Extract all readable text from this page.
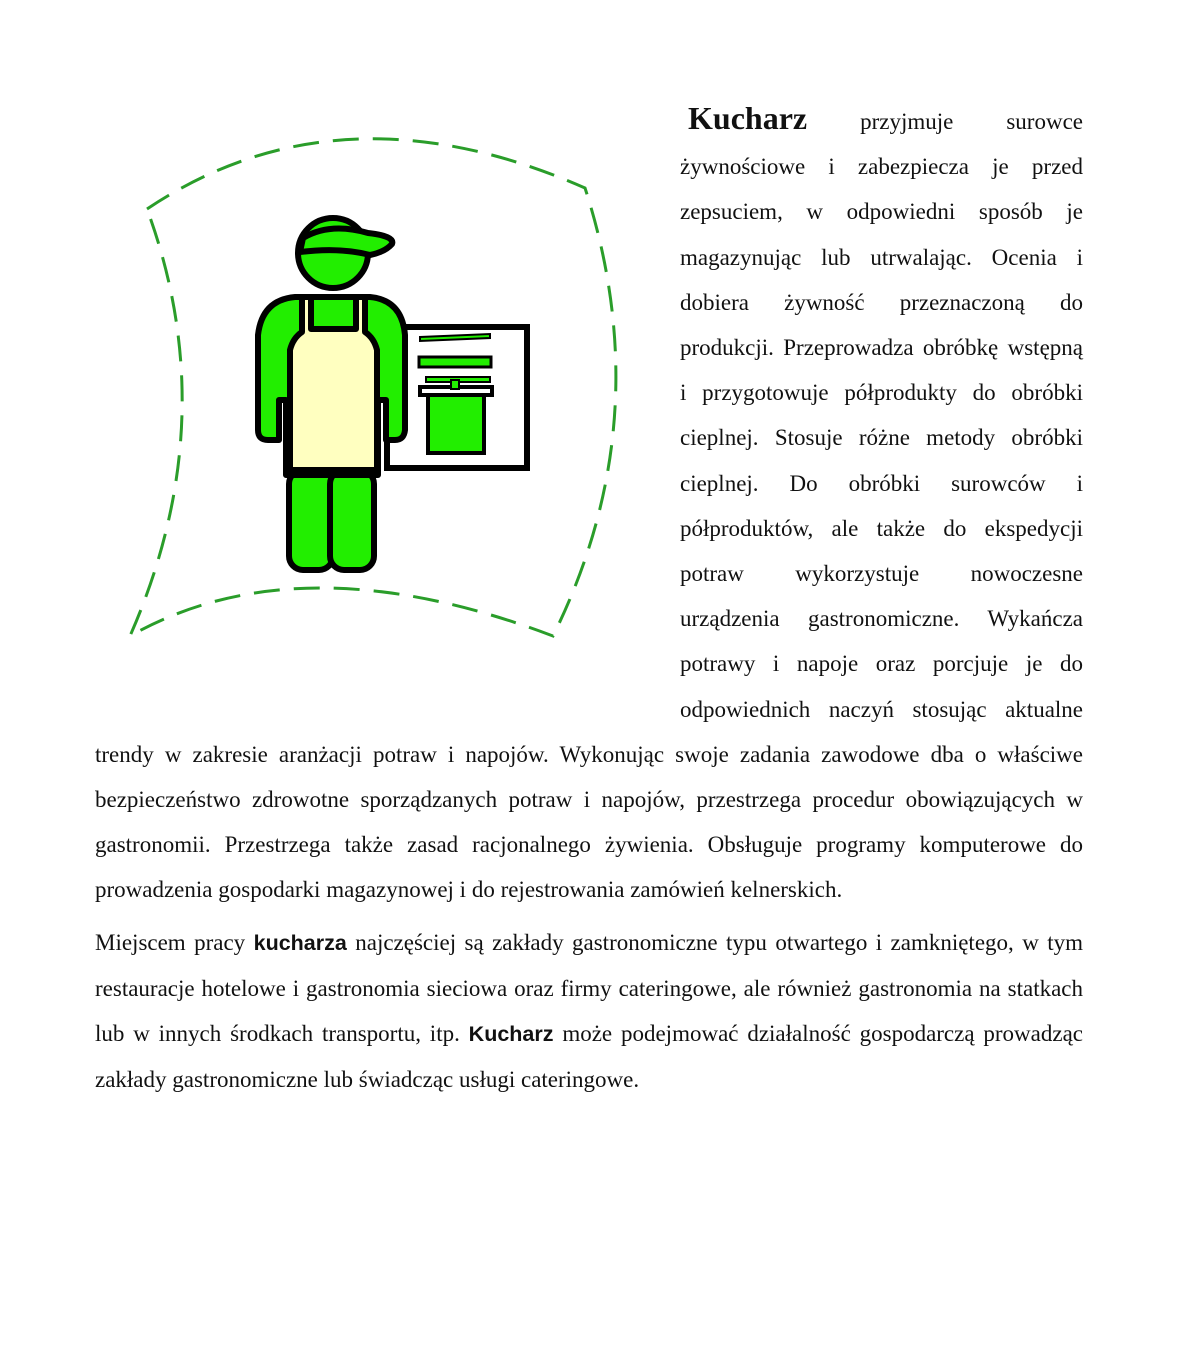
Kucharz przyjmuje surowce żywnościowe i zabezpiecza je przed zepsuciem, w odpowiedni sposób je magazynując lub utrwalając. Ocenia i dobiera żywność przeznaczoną do produkcji. Przeprowadza obróbkę wstępną i przygotowuje półprodukty do obróbki cieplnej. Stosuje różne metody obróbki cieplnej. Do obróbki surowców i półproduktów, ale także do ekspedycji potraw wykorzystuje nowoczesne urządzenia gastronomiczne. Wykańcza potrawy i napoje oraz porcjuje je do odpowiednich naczyń stosując aktualne trendy w zakresie aranżacji potraw i napojów. Wykonując swoje zadania zawodowe dba o właściwe bezpieczeństwo zdrowotne sporządzanych potraw i napojów, przestrzega procedur obowiązujących w gastronomii. Przestrzega także zasad racjonalnego żywienia. Obsługuje programy komputerowe do prowadzenia gospodarki magazynowej i do rejestrowania zamówień kelnerskich.

Miejscem pracy kucharza najczęściej są zakłady gastronomiczne typu otwartego i zamkniętego, w tym restauracje hotelowe i gastronomia sieciowa oraz firmy cateringowe, ale również gastronomia na statkach lub w innych środkach transportu, itp. Kucharz może podejmować działalność gospodarczą prowadząc zakłady gastronomiczne lub świadcząc usługi cateringowe.
